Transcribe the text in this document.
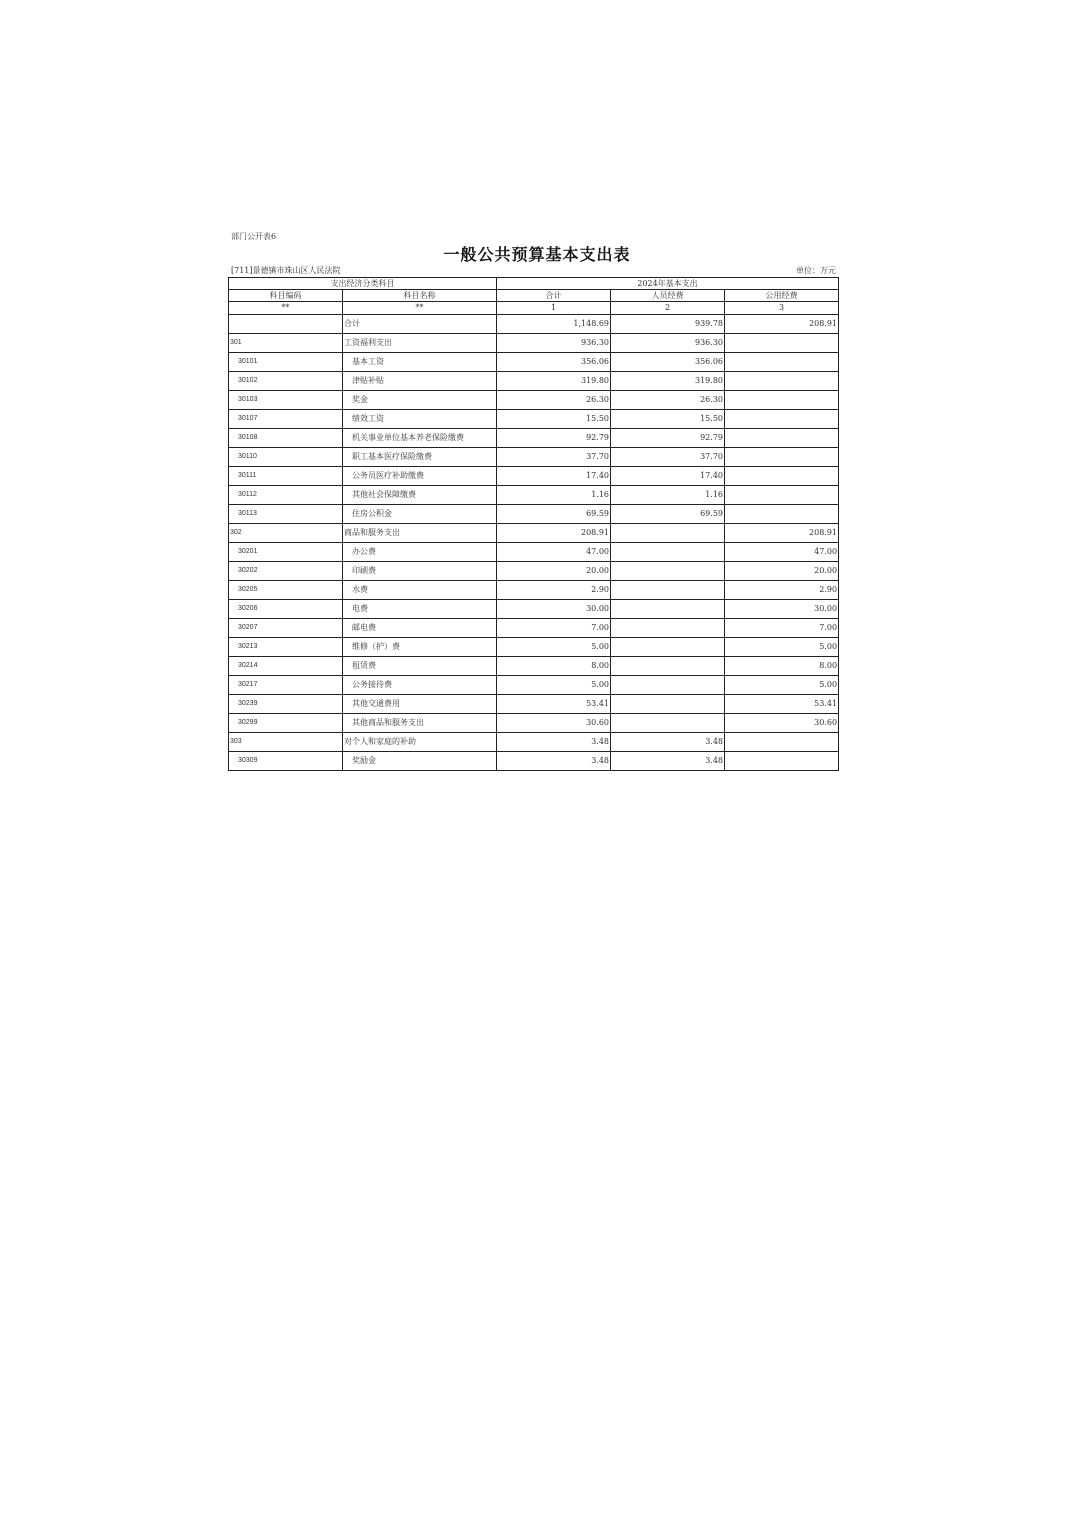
部门公开表6
一般公共预算基本支出表
[711]景德镇市珠山区人民法院	单位：万元
支出经济分类科目		2024年基本支出		
科目编码	科目名称	合计	人员经费	公用经费
**	**	1	2	3
	合计	1,148.69	939.78	208.91
301	工资福利支出	936.30	936.30	
30101	基本工资	356.06	356.06	
30102	津贴补贴	319.80	319.80	
30103	奖金	26.30	26.30	
30107	绩效工资	15.50	15.50	
30108	机关事业单位基本养老保险缴费	92.79	92.79	
30110	职工基本医疗保险缴费	37.70	37.70	
30111	公务员医疗补助缴费	17.40	17.40	
30112	其他社会保障缴费	1.16	1.16	
30113	住房公积金	69.59	69.59	
302	商品和服务支出	208.91		208.91
30201	办公费	47.00		47.00
30202	印刷费	20.00		20.00
30205	水费	2.90		2.90
30206	电费	30.00		30.00
30207	邮电费	7.00		7.00
30213	维修（护）费	5.00		5.00
30214	租赁费	8.00		8.00
30217	公务接待费	5.00		5.00
30239	其他交通费用	53.41		53.41
30299	其他商品和服务支出	30.60		30.60
303	对个人和家庭的补助	3.48	3.48	
30309	奖励金	3.48	3.48	
